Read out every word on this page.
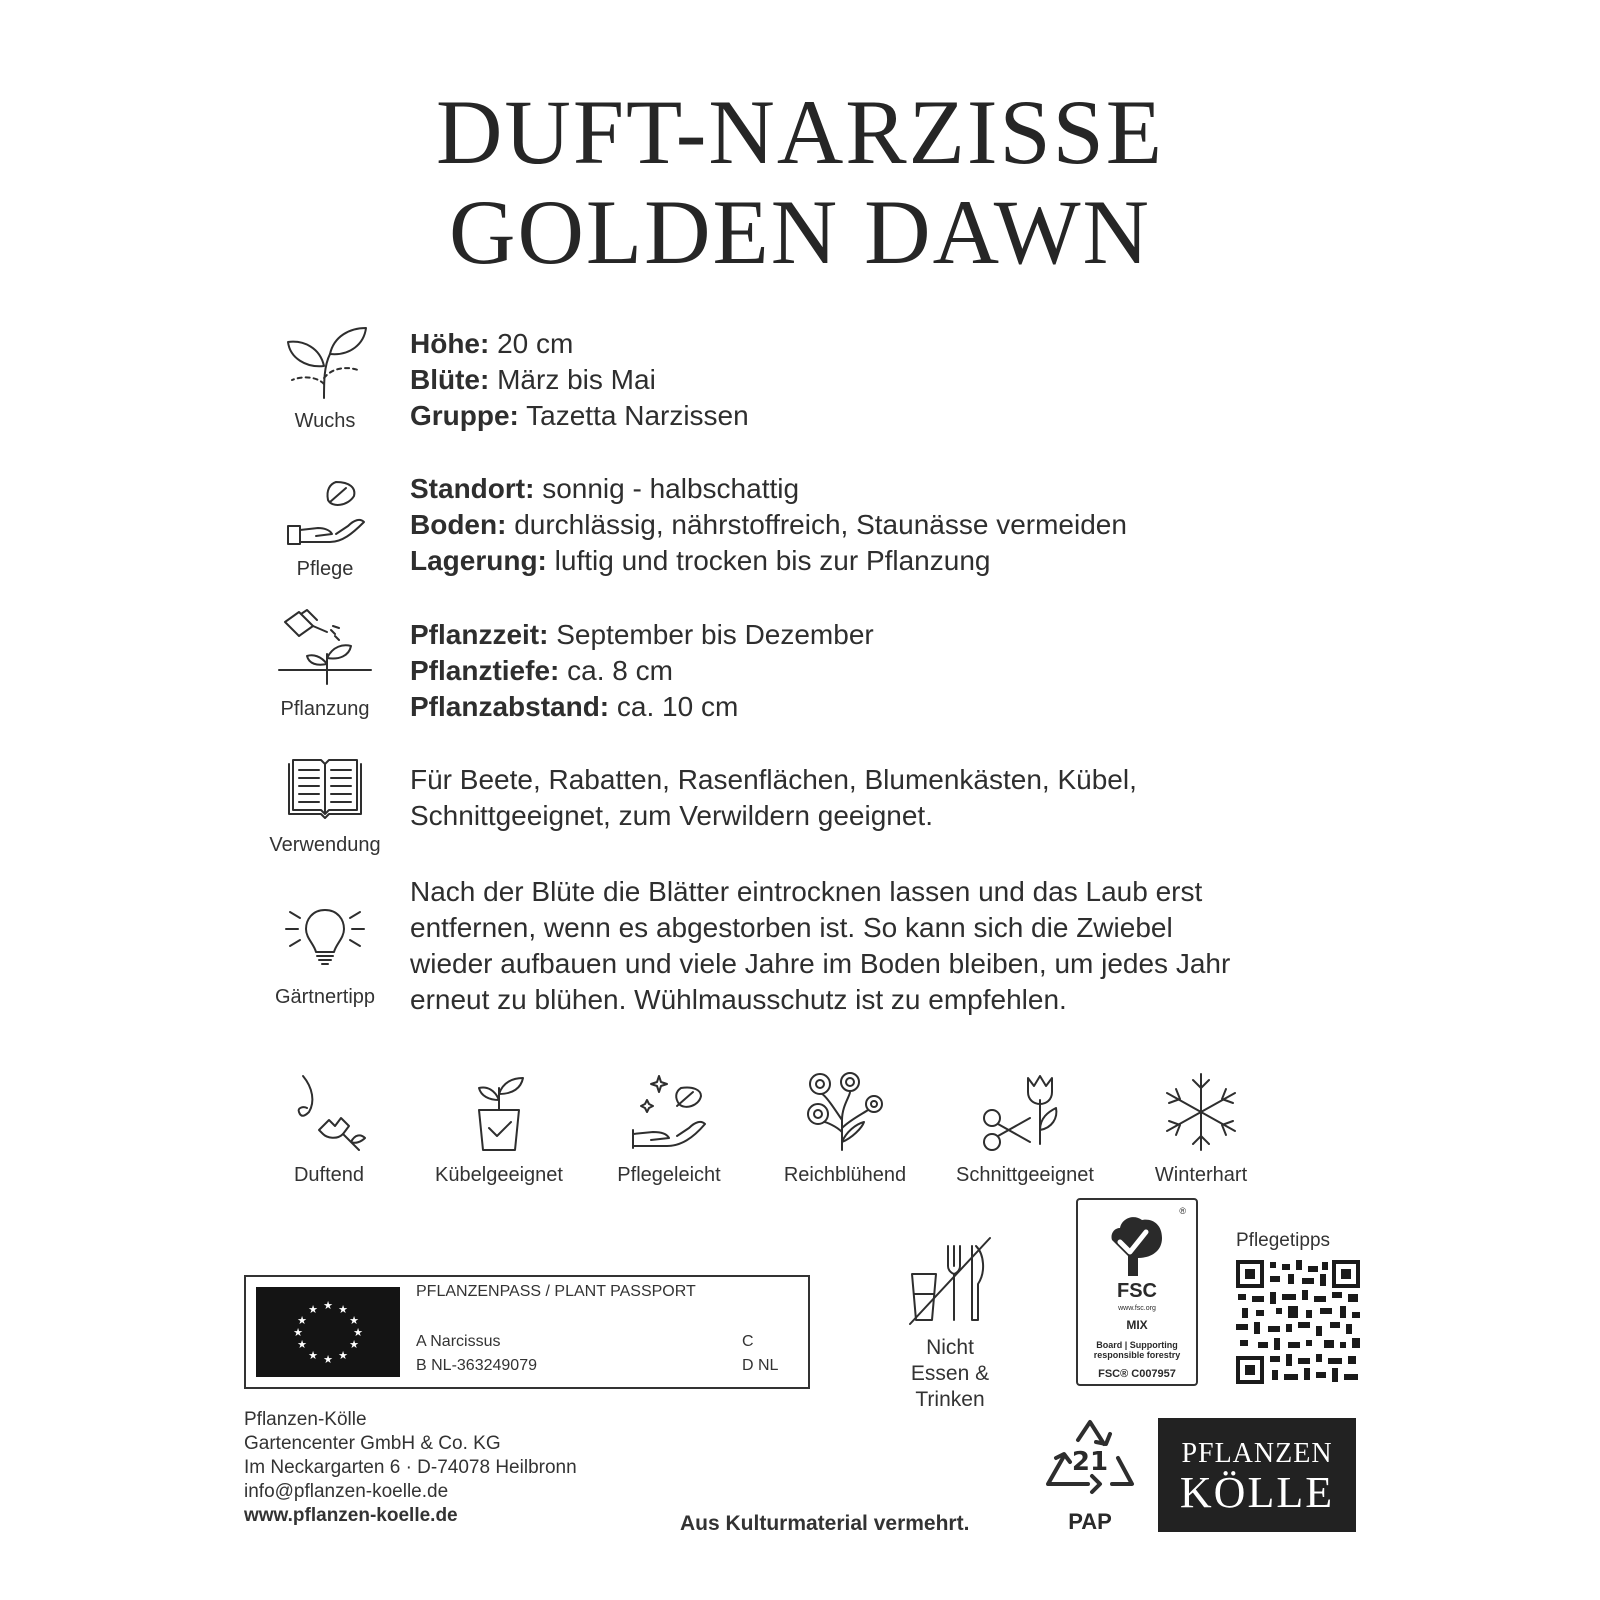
DUFT-NARZISSE
GOLDEN DAWN
Wuchs
Höhe: 20 cm
Blüte: März bis Mai
Gruppe: Tazetta Narzissen
Pflege
Standort: sonnig - halbschattig
Boden: durchlässig, nährstoffreich, Staunässe vermeiden
Lagerung: luftig und trocken bis zur Pflanzung
Pflanzung
Pflanzzeit: September bis Dezember
Pflanztiefe: ca. 8 cm
Pflanzabstand: ca. 10 cm
Verwendung
Für Beete, Rabatten, Rasenflächen, Blumenkästen, Kübel,
Schnittgeeignet, zum Verwildern geeignet.
Gärtnertipp
Nach der Blüte die Blätter eintrocknen lassen und das Laub erst
entfernen, wenn es abgestorben ist. So kann sich die Zwiebel
wieder aufbauen und viele Jahre im Boden bleiben, um jedes Jahr
erneut zu blühen. Wühlmausschutz ist zu empfehlen.
Duftend	Kübelgeeignet	Pflegeleicht	Reichblühend	Schnittgeeignet	Winterhart
★ ★
★
★
★
★
★
★
★
★
★
★
PFLANZENPASS / PLANT PASSPORT
A Narcissus
B NL-363249079
C
D NL
Nicht
Essen & Trinken
®
FSC
www.fsc.org
MIX
Board | Supporting
responsible forestry
FSC® C007957
Pflegetipps
Pflanzen-Kölle
Gartencenter GmbH & Co. KG
Im Neckargarten 6 · D-74078 Heilbronn
info@pflanzen-koelle.de
www.pflanzen-koelle.de	Aus Kulturmaterial vermehrt.
21
PAP
PFLANZEN
KÖLLE
